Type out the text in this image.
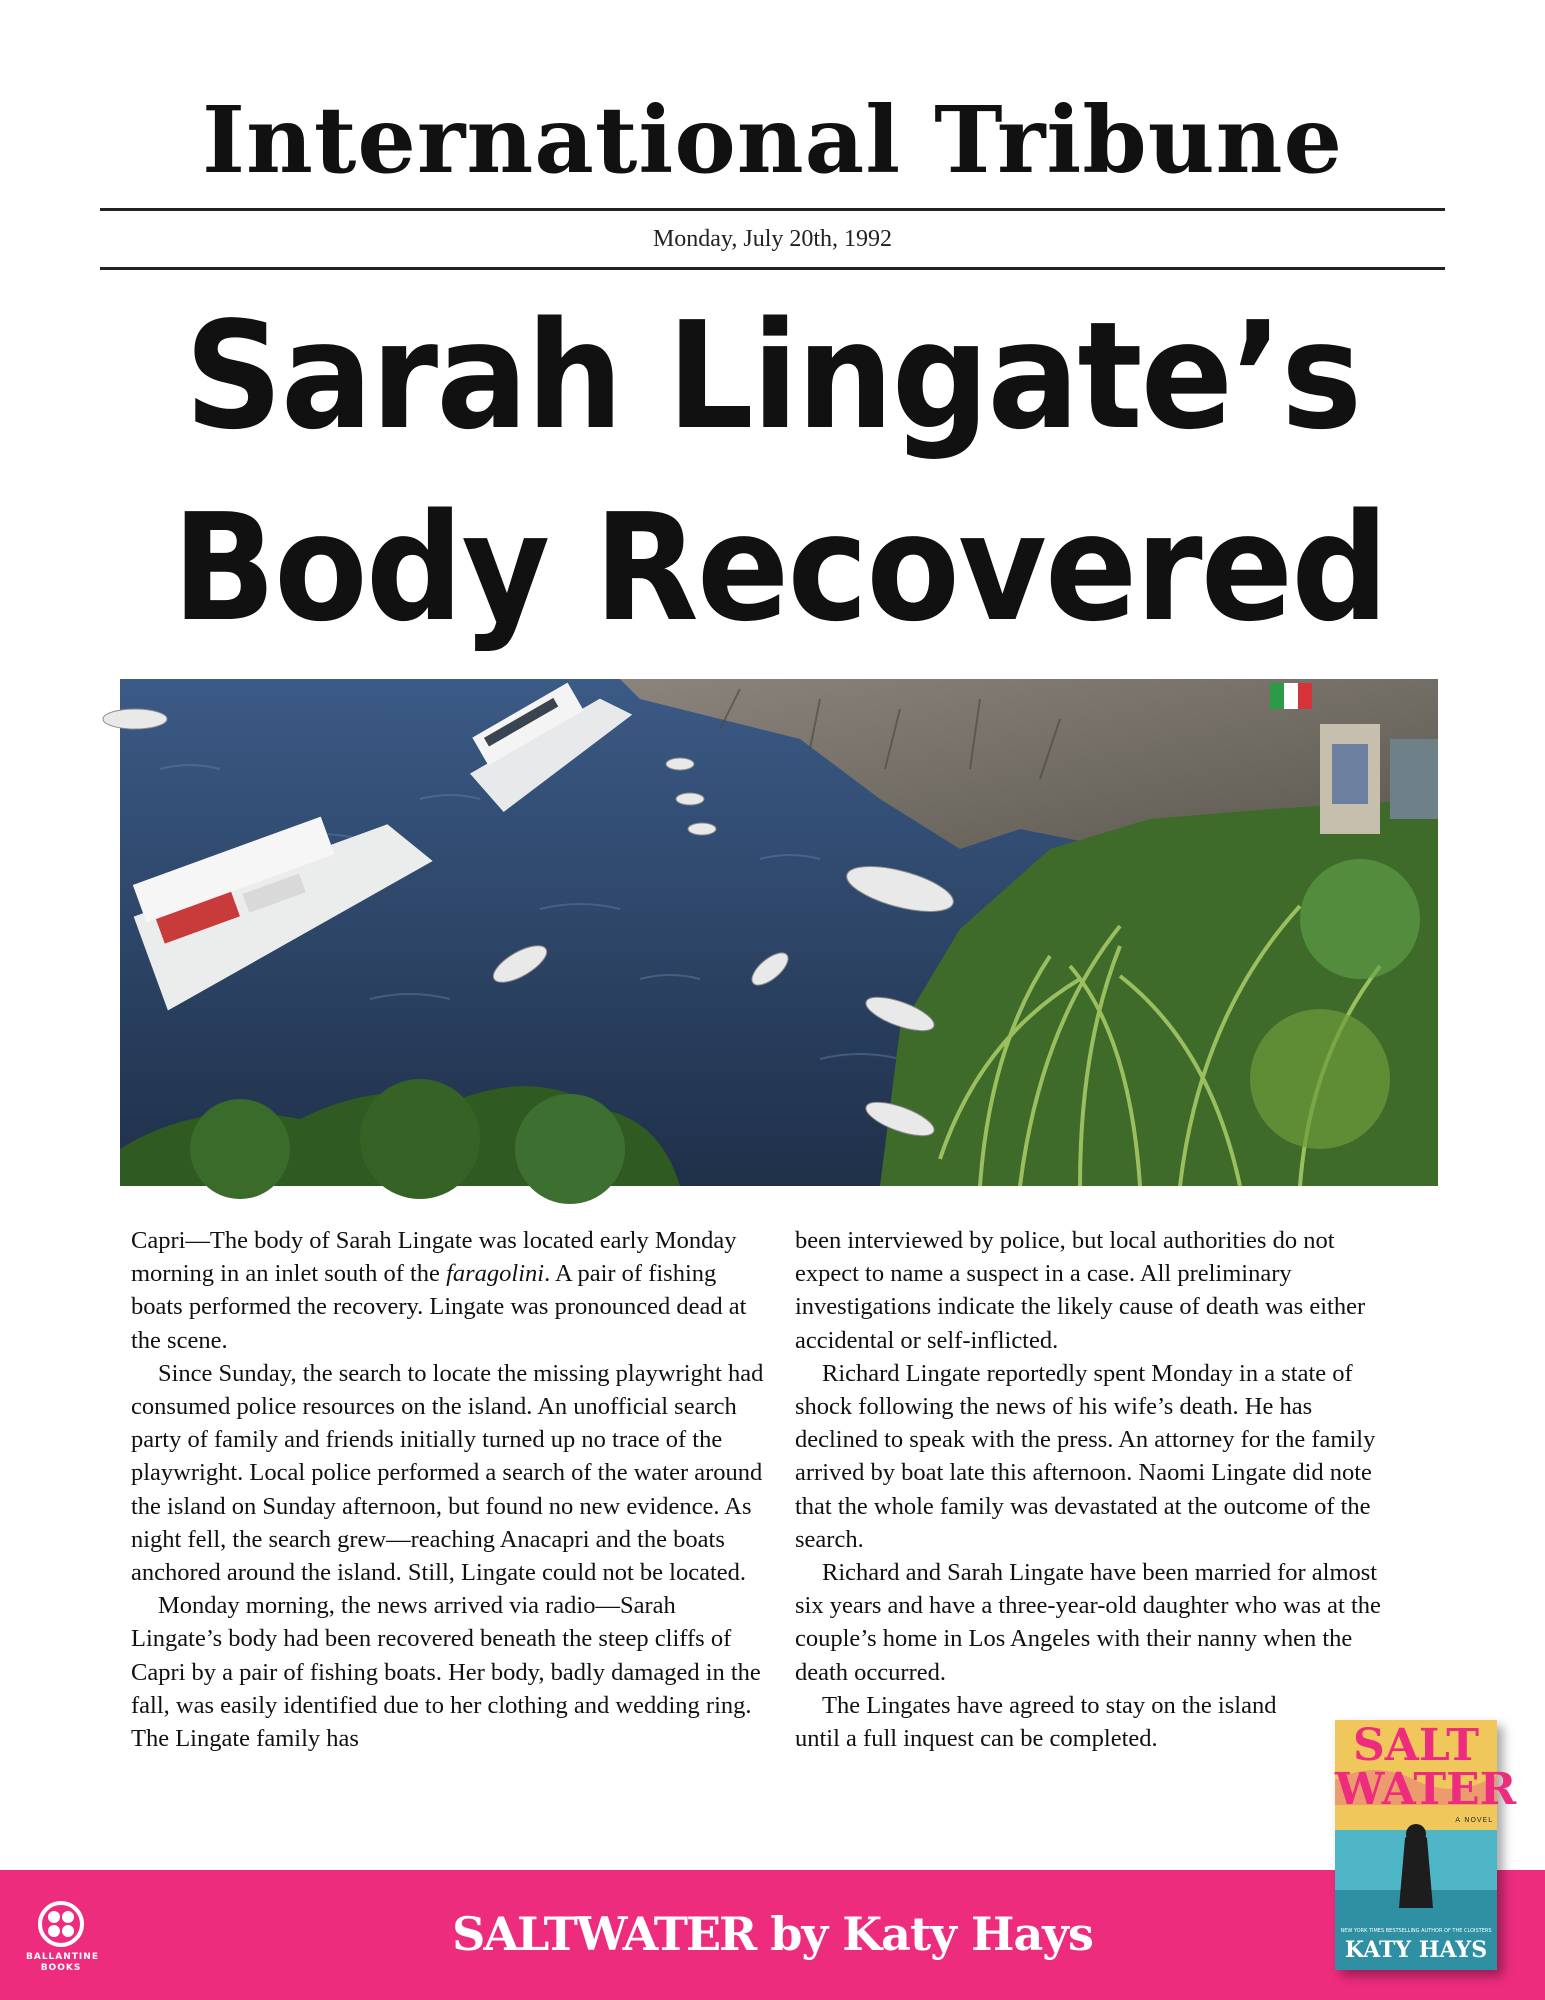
International Tribune
Monday, July 20th, 1992
Sarah Lingate’s
Body Recovered

Capri—The body of Sarah Lingate was located early Monday morning in an inlet south of the faragolini. A pair of fishing boats performed the recovery. Lingate was pronounced dead at the scene.

Since Sunday, the search to locate the missing playwright had consumed police resources on the island. An unofficial search party of family and friends initially turned up no trace of the playwright. Local police performed a search of the water around the island on Sunday afternoon, but found no new evidence. As night fell, the search grew—reaching Anacapri and the boats anchored around the island. Still, Lingate could not be located.

Monday morning, the news arrived via radio—Sarah Lingate’s body had been recovered beneath the steep cliffs of Capri by a pair of fishing boats. Her body, badly damaged in the fall, was easily identified due to her clothing and wedding ring. The Lingate family has

been interviewed by police, but local authorities do not expect to name a suspect in a case. All preliminary investigations indicate the likely cause of death was either accidental or self-inflicted.

Richard Lingate reportedly spent Monday in a state of shock following the news of his wife’s death. He has declined to speak with the press. An attorney for the family arrived by boat late this afternoon. Naomi Lingate did note that the whole family was devastated at the outcome of the search.

Richard and Sarah Lingate have been married for almost six years and have a three-year-old daughter who was at the couple’s home in Los Angeles with their nanny when the death occurred.

The Lingates have agreed to stay on the island until a full inquest can be completed.

BALLANTINE BOOKS
SALTWATER by Katy Hays
SALT
WATER
A NOVEL
NEW YORK TIMES BESTSELLING AUTHOR OF THE CLOISTERS
KATY HAYS
